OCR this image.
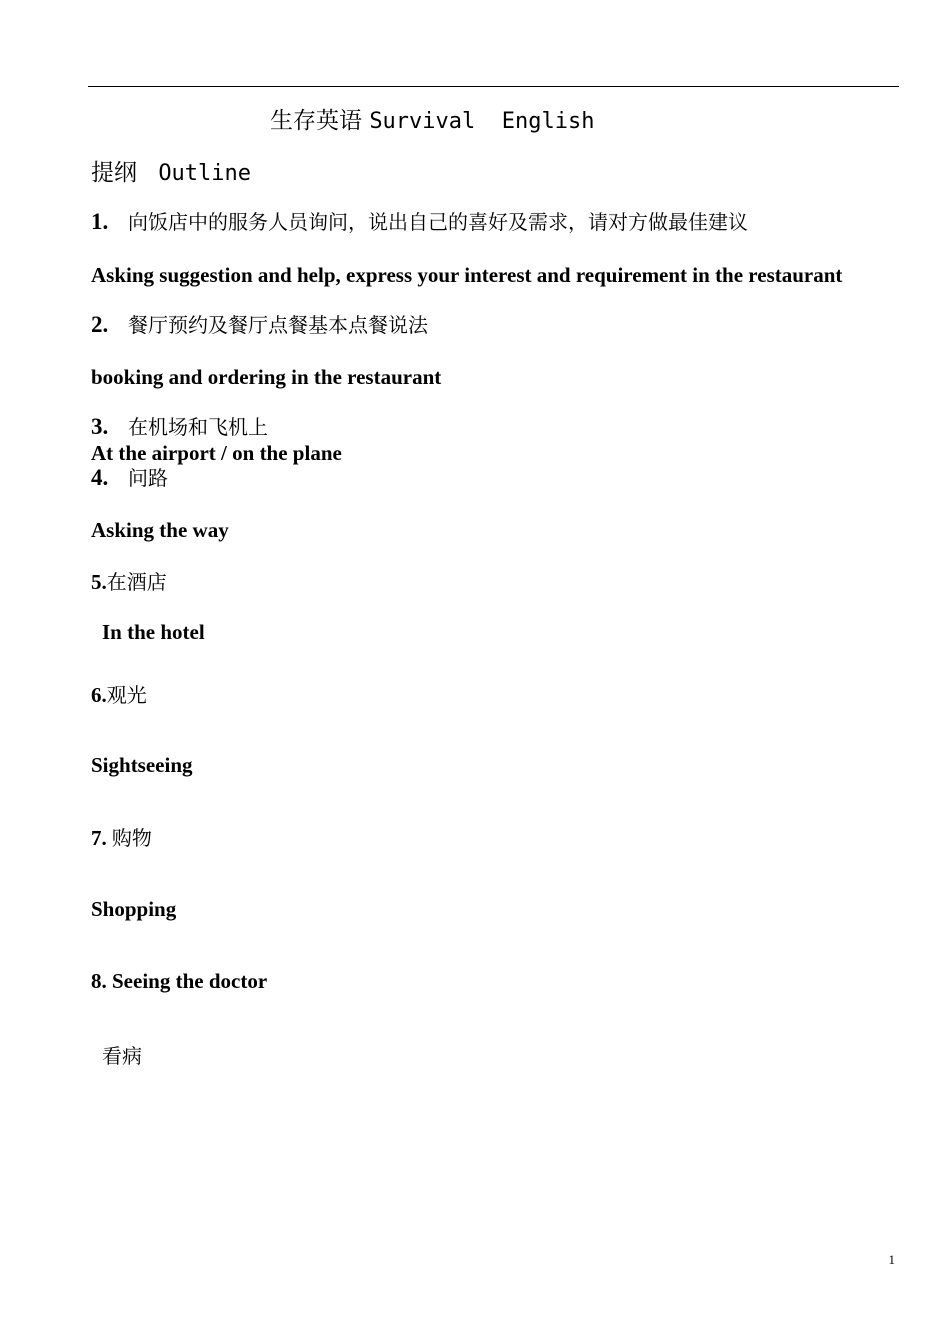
生存英语 Survival  English
提纲 Outline
1. 向饭店中的服务人员询问，说出自己的喜好及需求，请对方做最佳建议
Asking suggestion and help, express your interest and requirement in the restaurant
2. 餐厅预约及餐厅点餐基本点餐说法
booking and ordering in the restaurant
3. 在机场和飞机上
At the airport / on the plane
4. 问路
Asking the way
5.在酒店
In the hotel
6.观光
Sightseeing
7. 购物
Shopping
8. Seeing the doctor
看病
1
